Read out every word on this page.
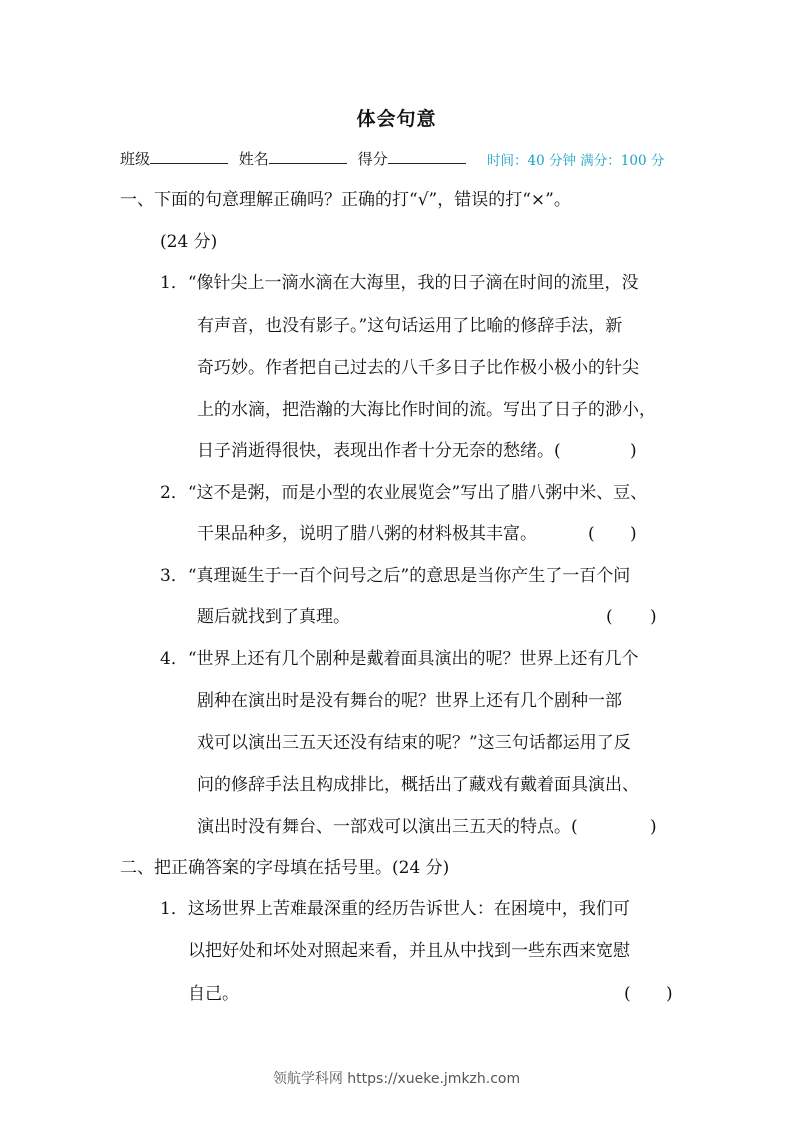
体会句意
班级	姓名	得分	时间：40 分钟 满分：100 分
一、下面的句意理解正确吗？正确的打“√”，错误的打“×”。
(24 分)
1．“像针尖上一滴水滴在大海里，我的日子滴在时间的流里，没
有声音，也没有影子。”这句话运用了比喻的修辞手法，新
奇巧妙。作者把自己过去的八千多日子比作极小极小的针尖
上的水滴，把浩瀚的大海比作时间的流。写出了日子的渺小，
日子消逝得很快，表现出作者十分无奈的愁绪。(	)
2．“这不是粥，而是小型的农业展览会”写出了腊八粥中米、豆、
干果品种多，说明了腊八粥的材料极其丰富。	( )
3．“真理诞生于一百个问号之后”的意思是当你产生了一百个问
题后就找到了真理。	( )
4．“世界上还有几个剧种是戴着面具演出的呢？世界上还有几个
剧种在演出时是没有舞台的呢？世界上还有几个剧种一部
戏可以演出三五天还没有结束的呢？”这三句话都运用了反
问的修辞手法且构成排比，概括出了藏戏有戴着面具演出、
演出时没有舞台、一部戏可以演出三五天的特点。(	)
二、把正确答案的字母填在括号里。(24 分)
1．这场世界上苦难最深重的经历告诉世人：在困境中，我们可
以把好处和坏处对照起来看，并且从中找到一些东西来宽慰
自己。	( )
领航学科网 https://xueke.jmkzh.com
